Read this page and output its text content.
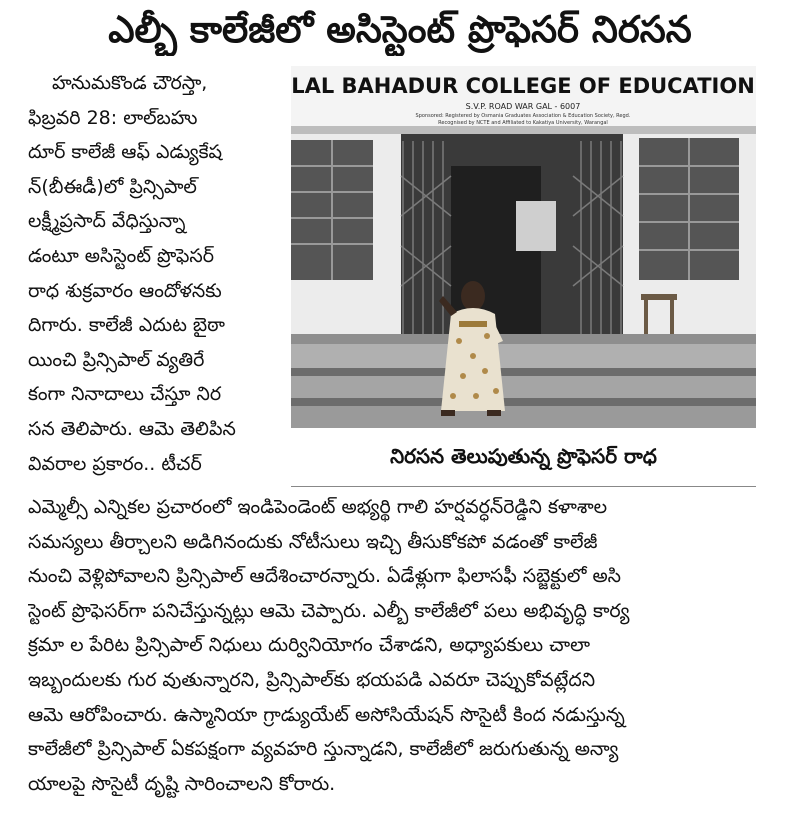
ఎల్బీ కాలేజీలో అసిస్టెంట్ ప్రొఫెసర్ నిరసన
హనుమకొండ చౌరస్తా,
ఫిబ్రవరి 28: లాల్‌బహు
దూర్ కాలేజీ ఆఫ్ ఎడ్యుకేష
న్(బీఈడీ)లో ప్రిన్సిపాల్
లక్ష్మీప్రసాద్ వేధిస్తున్నా
డంటూ అసిస్టెంట్ ప్రొఫెసర్
రాధ శుక్రవారం ఆందోళనకు
దిగారు. కాలేజీ ఎదుట బైఠా
యించి ప్రిన్సిపాల్ వ్యతిరే
కంగా నినాదాలు చేస్తూ నిర
సన తెలిపారు. ఆమె తెలిపిన
వివరాల ప్రకారం.. టీచర్
LAL BAHADUR COLLEGE OF EDUCATION
S.V.P. ROAD WAR GAL - 6007
Sponsored: Registered by Osmania Graduates Association & Education Society, Regd.
Recognised by NCTE and Affiliated to Kakatiya University, Warangal
నిరసన తెలుపుతున్న ప్రొఫెసర్ రాధ
ఎమ్మెల్సీ ఎన్నికల ప్రచారంలో ఇండిపెండెంట్ అభ్యర్థి గాలి హర్షవర్ధన్‌రెడ్డిని కళాశాల
సమస్యలు తీర్చాలని అడిగినందుకు నోటీసులు ఇచ్చి తీసుకోకపో వడంతో కాలేజీ
నుంచి వెళ్లిపోవాలని ప్రిన్సిపాల్ ఆదేశించారన్నారు. ఏడేళ్లుగా ఫిలాసఫీ సబ్జెక్టులో అసి
స్టెంట్ ప్రొఫెసర్‌గా పనిచేస్తున్నట్లు ఆమె చెప్పారు. ఎల్బీ కాలేజీలో పలు అభివృద్ధి కార్య
క్రమా ల పేరిట ప్రిన్సిపాల్ నిధులు దుర్వినియోగం చేశాడని, అధ్యాపకులు చాలా
ఇబ్బందులకు గుర వుతున్నారని, ప్రిన్సిపాల్‌కు భయపడి ఎవరూ చెప్పుకోవట్లేదని
ఆమె ఆరోపించారు. ఉస్మానియా గ్రాడ్యుయేట్ అసోసియేషన్ సొసైటీ కింద నడుస్తున్న
కాలేజీలో ప్రిన్సిపాల్ ఏకపక్షంగా వ్యవహరి స్తున్నాడని, కాలేజీలో జరుగుతున్న అన్యా
యాలపై సొసైటీ దృష్టి సారించాలని కోరారు.
